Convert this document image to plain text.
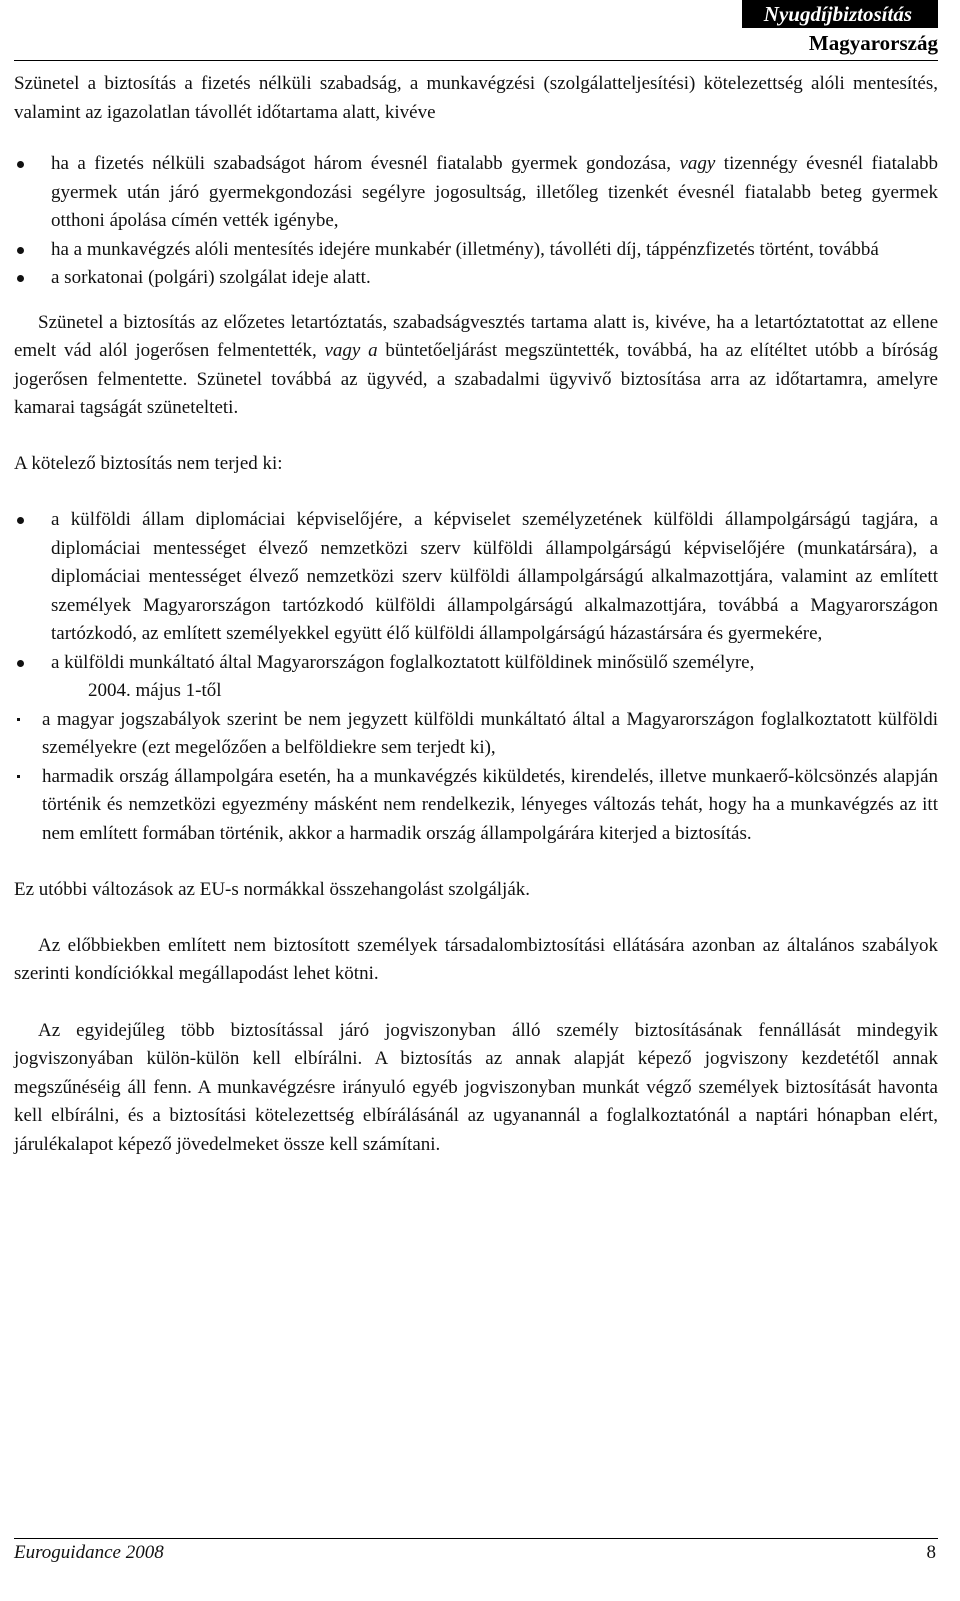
Nyugdíjbiztosítás
Magyarország

Szünetel a biztosítás a fizetés nélküli szabadság, a munkavégzési (szolgálatteljesítési) kötelezettség alóli mentesítés, valamint az igazolatlan távollét időtartama alatt, kivéve

ha a fizetés nélküli szabadságot három évesnél fiatalabb gyermek gondozása, vagy tizennégy évesnél fiatalabb gyermek után járó gyermekgondozási segélyre jogosultság, illetőleg tizenkét évesnél fiatalabb beteg gyermek otthoni ápolása címén vették igénybe,
ha a munkavégzés alóli mentesítés idejére munkabér (illetmény), távolléti díj, táppénzfizetés történt, továbbá
a sorkatonai (polgári) szolgálat ideje alatt.

Szünetel a biztosítás az előzetes letartóztatás, szabadságvesztés tartama alatt is, kivéve, ha a letartóztatottat az ellene emelt vád alól jogerősen felmentették, vagy a büntetőeljárást megszüntették, továbbá, ha az elítéltet utóbb a bíróság jogerősen felmentette. Szünetel továbbá az ügyvéd, a szabadalmi ügyvivő biztosítása arra az időtartamra, amelyre kamarai tagságát szünetelteti.

A kötelező biztosítás nem terjed ki:

a külföldi állam diplomáciai képviselőjére, a képviselet személyzetének külföldi állampolgárságú tagjára, a diplomáciai mentességet élvező nemzetközi szerv külföldi állampolgárságú képviselőjére (munkatársára), a diplomáciai mentességet élvező nemzetközi szerv külföldi állampolgárságú alkalmazottjára, valamint az említett személyek Magyarországon tartózkodó külföldi állampolgárságú alkalmazottjára, továbbá a Magyarországon tartózkodó, az említett személyekkel együtt élő külföldi állampolgárságú házastársára és gyermekére,
a külföldi munkáltató által Magyarországon foglalkoztatott külföldinek minősülő személyre,

2004. május 1-től

a magyar jogszabályok szerint be nem jegyzett külföldi munkáltató által a Magyarországon foglalkoztatott külföldi személyekre (ezt megelőzően a belföldiekre sem terjedt ki),
harmadik ország állampolgára esetén, ha a munkavégzés kiküldetés, kirendelés, illetve munkaerő-kölcsönzés alapján történik és nemzetközi egyezmény másként nem rendelkezik, lényeges változás tehát, hogy ha a munkavégzés az itt nem említett formában történik, akkor a harmadik ország állampolgárára kiterjed a biztosítás.

Ez utóbbi változások az EU-s normákkal összehangolást szolgálják.

Az előbbiekben említett nem biztosított személyek társadalombiztosítási ellátására azonban az általános szabályok szerinti kondíciókkal megállapodást lehet kötni.

Az egyidejűleg több biztosítással járó jogviszonyban álló személy biztosításának fennállását mindegyik jogviszonyában külön-külön kell elbírálni. A biztosítás az annak alapját képező jogviszony kezdetétől annak megszűnéséig áll fenn. A munkavégzésre irányuló egyéb jogviszonyban munkát végző személyek biztosítását havonta kell elbírálni, és a biztosítási kötelezettség elbírálásánál az ugyanannál a foglalkoztatónál a naptári hónapban elért, járulékalapot képező jövedelmeket össze kell számítani.

Euroguidance 2008	8
